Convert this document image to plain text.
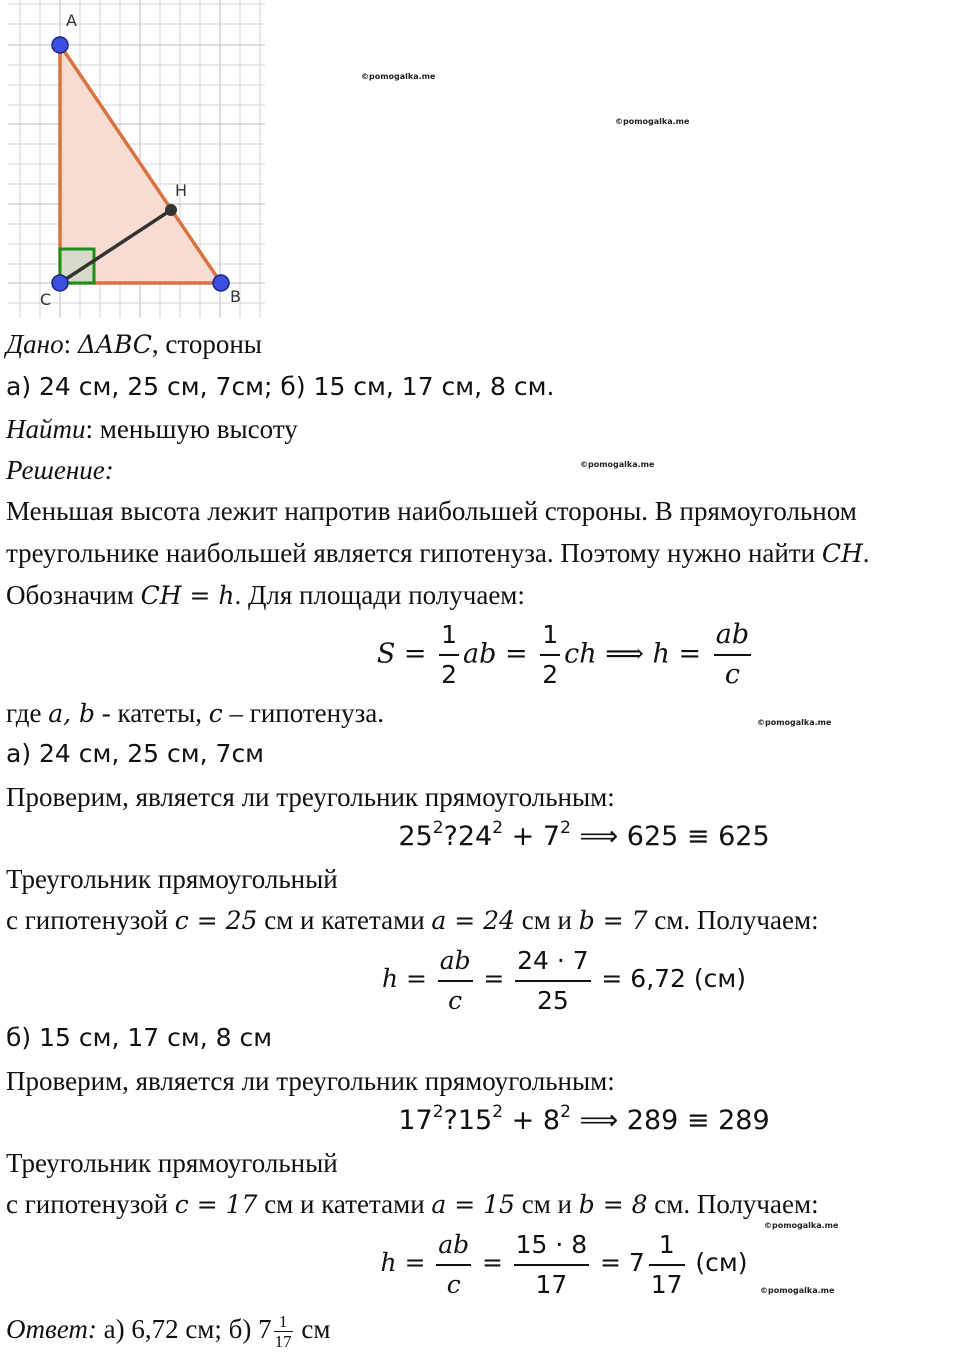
A
H
C	B
©pomogalka.me
©pomogalka.me
©pomogalka.me
©pomogalka.me
©pomogalka.me
©pomogalka.me
Дано: ΔABC, стороны
а) 24 см, 25 см, 7см; б) 15 см, 17 см, 8 см.
Найти: меньшую высоту
Решение:
Меньшая высота лежит напротив наибольшей стороны. В прямоугольном
треугольнике наибольшей является гипотенуза. Поэтому нужно найти CH.
Обозначим CH = h. Для площади получаем:
$S = \frac{1}{2}$ ab = $\frac{1}{2}$ ch ⟹ $h = \frac{ab}{c}$
где a, b - катеты, c – гипотенуза.
а) 24 см, 25 см, 7см
Проверим, является ли треугольник прямоугольным:
$25^2?24^2 + 7^2$ ⟹ 625 ≡ 625
Треугольник прямоугольный
с гипотенузой c = 25 см и катетами a = 24 см и b = 7 см. Получаем:
$h = \frac{ab}{c} = \frac{24 \cdot 7}{25} = 6,72$ (см)
б) 15 см, 17 см, 8 см
Проверим, является ли треугольник прямоугольным:
$17^2?15^2 + 8^2$ ⟹ 289 ≡ 289
Треугольник прямоугольный
с гипотенузой c = 17 см и катетами a = 15 см и b = 8 см. Получаем:
$h = \frac{ab}{c} = \frac{15 \cdot 8}{17} = 7 \frac{1}{17} (см)$
Ответ: а) 6,72 см; б) $7 \frac{1}{17}$ см
